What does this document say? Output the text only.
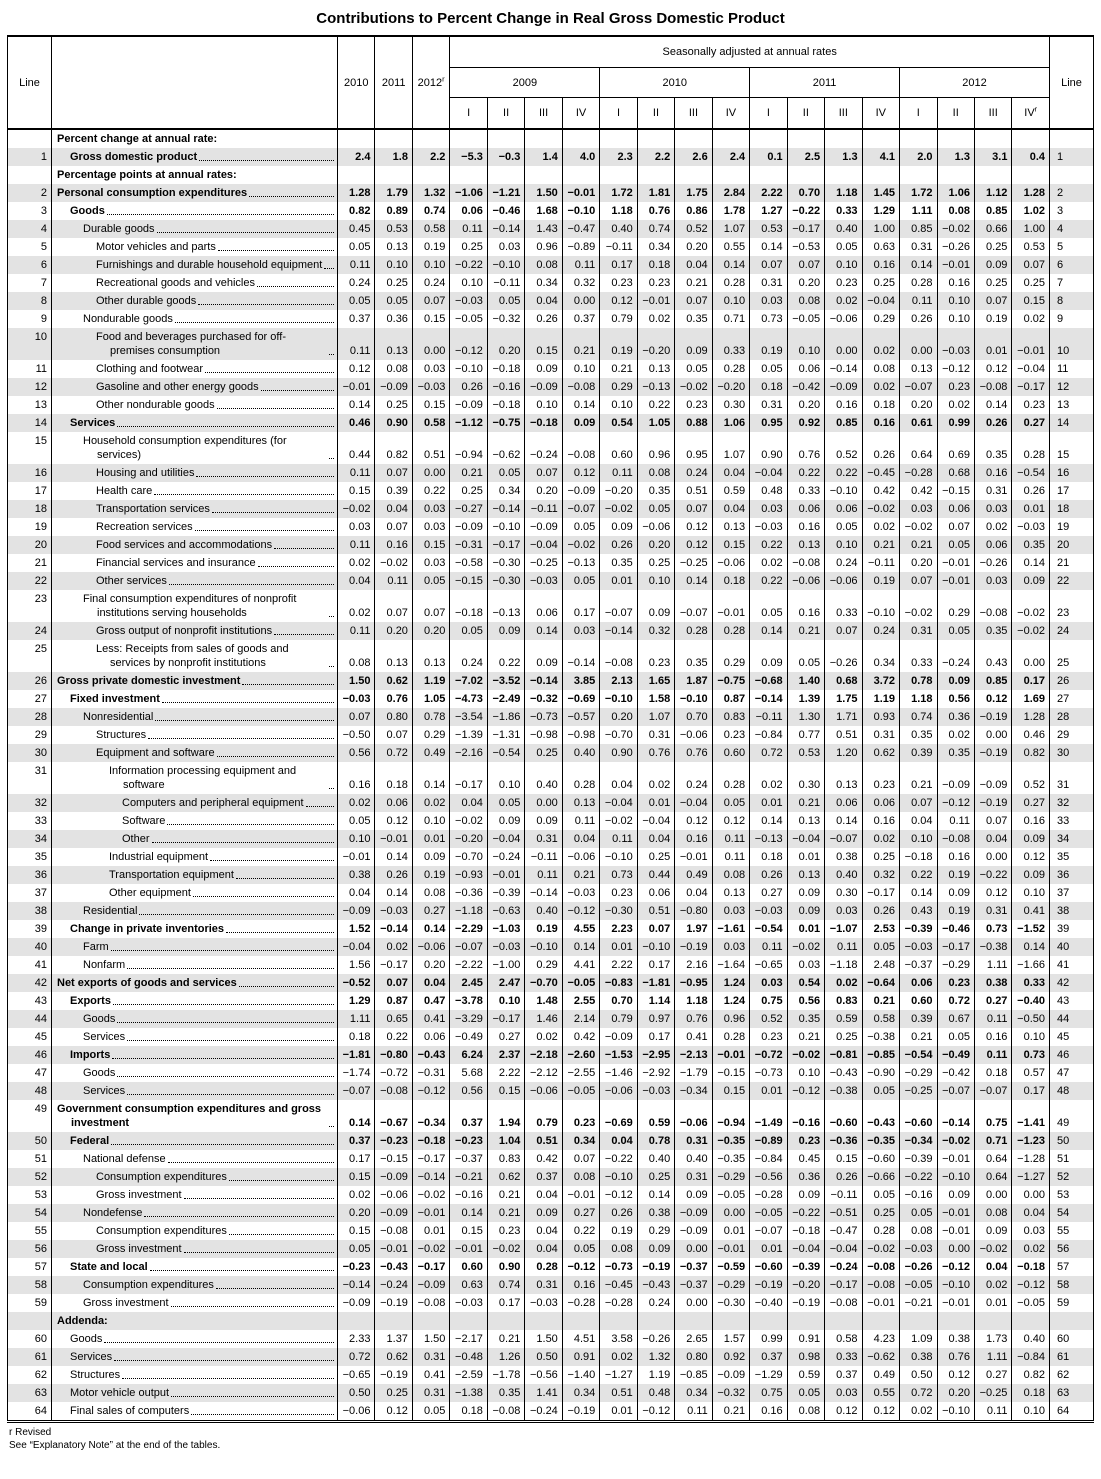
Contributions to Percent Change in Real Gross Domestic Product
Line		2010	2011	2012$^r$	Seasonally adjusted at annual rates																Line
					2009				2010				2011				2012				
					I	II	III	IV	I	II	III	IV	I	II	III	IV	I	II	III	$IV^r$

	Percent change at annual rate:																				

1	Gross domestic product	2.4	1.8	2.2	−5.3	−0.3	1.4	4.0	2.3	2.2	2.6	2.4	0.1	2.5	1.3	4.1	2.0	1.3	3.1	0.4	1

	Percentage points at annual rates:																				

2	Personal consumption expenditures	1.28	1.79	1.32	−1.06	−1.21	1.50	−0.01	1.72	1.81	1.75	2.84	2.22	0.70	1.18	1.45	1.72	1.06	1.12	1.28	2
3	Goods	0.82	0.89	0.74	0.06	−0.46	1.68	−0.10	1.18	0.76	0.86	1.78	1.27	−0.22	0.33	1.29	1.11	0.08	0.85	1.02	3
4	Durable goods	0.45	0.53	0.58	0.11	−0.14	1.43	−0.47	0.40	0.74	0.52	1.07	0.53	−0.17	0.40	1.00	0.85	−0.02	0.66	1.00	4
5	Motor vehicles and parts	0.05	0.13	0.19	0.25	0.03	0.96	−0.89	−0.11	0.34	0.20	0.55	0.14	−0.53	0.05	0.63	0.31	−0.26	0.25	0.53	5
6	Furnishings and durable household equipment	0.11	0.10	0.10	−0.22	−0.10	0.08	0.11	0.17	0.18	0.04	0.14	0.07	0.07	0.10	0.16	0.14	−0.01	0.09	0.07	6
7	Recreational goods and vehicles	0.24	0.25	0.24	0.10	−0.11	0.34	0.32	0.23	0.23	0.21	0.28	0.31	0.20	0.23	0.25	0.28	0.16	0.25	0.25	7
8	Other durable goods	0.05	0.05	0.07	−0.03	0.05	0.04	0.00	0.12	−0.01	0.07	0.10	0.03	0.08	0.02	−0.04	0.11	0.10	0.07	0.15	8
9	Nondurable goods	0.37	0.36	0.15	−0.05	−0.32	0.26	0.37	0.79	0.02	0.35	0.71	0.73	−0.05	−0.06	0.29	0.26	0.10	0.19	0.02	9
10	Food and beverages purchased for off-premises consumption	0.11	0.13	0.00	−0.12	0.20	0.15	0.21	0.19	−0.20	0.09	0.33	0.19	0.10	0.00	0.02	0.00	−0.03	0.01	−0.01	10
11	Clothing and footwear	0.12	0.08	0.03	−0.10	−0.18	0.09	0.10	0.21	0.13	0.05	0.28	0.05	0.06	−0.14	0.08	0.13	−0.12	0.12	−0.04	11
12	Gasoline and other energy goods	−0.01	−0.09	−0.03	0.26	−0.16	−0.09	−0.08	0.29	−0.13	−0.02	−0.20	0.18	−0.42	−0.09	0.02	−0.07	0.23	−0.08	−0.17	12
13	Other nondurable goods	0.14	0.25	0.15	−0.09	−0.18	0.10	0.14	0.10	0.22	0.23	0.30	0.31	0.20	0.16	0.18	0.20	0.02	0.14	0.23	13
14	Services	0.46	0.90	0.58	−1.12	−0.75	−0.18	0.09	0.54	1.05	0.88	1.06	0.95	0.92	0.85	0.16	0.61	0.99	0.26	0.27	14
15	Household consumption expenditures (for services)	0.44	0.82	0.51	−0.94	−0.62	−0.24	−0.08	0.60	0.96	0.95	1.07	0.90	0.76	0.52	0.26	0.64	0.69	0.35	0.28	15
16	Housing and utilities	0.11	0.07	0.00	0.21	0.05	0.07	0.12	0.11	0.08	0.24	0.04	−0.04	0.22	0.22	−0.45	−0.28	0.68	0.16	−0.54	16
17	Health care	0.15	0.39	0.22	0.25	0.34	0.20	−0.09	−0.20	0.35	0.51	0.59	0.48	0.33	−0.10	0.42	0.42	−0.15	0.31	0.26	17
18	Transportation services	−0.02	0.04	0.03	−0.27	−0.14	−0.11	−0.07	−0.02	0.05	0.07	0.04	0.03	0.06	0.06	−0.02	0.03	0.06	0.03	0.01	18
19	Recreation services	0.03	0.07	0.03	−0.09	−0.10	−0.09	0.05	0.09	−0.06	0.12	0.13	−0.03	0.16	0.05	0.02	−0.02	0.07	0.02	−0.03	19
20	Food services and accommodations	0.11	0.16	0.15	−0.31	−0.17	−0.04	−0.02	0.26	0.20	0.12	0.15	0.22	0.13	0.10	0.21	0.21	0.05	0.06	0.35	20
21	Financial services and insurance	0.02	−0.02	0.03	−0.58	−0.30	−0.25	−0.13	0.35	0.25	−0.25	−0.06	0.02	−0.08	0.24	−0.11	0.20	−0.01	−0.26	0.14	21
22	Other services	0.04	0.11	0.05	−0.15	−0.30	−0.03	0.05	0.01	0.10	0.14	0.18	0.22	−0.06	−0.06	0.19	0.07	−0.01	0.03	0.09	22
23	Final consumption expenditures of nonprofit institutions serving households	0.02	0.07	0.07	−0.18	−0.13	0.06	0.17	−0.07	0.09	−0.07	−0.01	0.05	0.16	0.33	−0.10	−0.02	0.29	−0.08	−0.02	23
24	Gross output of nonprofit institutions	0.11	0.20	0.20	0.05	0.09	0.14	0.03	−0.14	0.32	0.28	0.28	0.14	0.21	0.07	0.24	0.31	0.05	0.35	−0.02	24
25	Less: Receipts from sales of goods and services by nonprofit institutions	0.08	0.13	0.13	0.24	0.22	0.09	−0.14	−0.08	0.23	0.35	0.29	0.09	0.05	−0.26	0.34	0.33	−0.24	0.43	0.00	25
26	Gross private domestic investment	1.50	0.62	1.19	−7.02	−3.52	−0.14	3.85	2.13	1.65	1.87	−0.75	−0.68	1.40	0.68	3.72	0.78	0.09	0.85	0.17	26
27	Fixed investment	−0.03	0.76	1.05	−4.73	−2.49	−0.32	−0.69	−0.10	1.58	−0.10	0.87	−0.14	1.39	1.75	1.19	1.18	0.56	0.12	1.69	27
28	Nonresidential	0.07	0.80	0.78	−3.54	−1.86	−0.73	−0.57	0.20	1.07	0.70	0.83	−0.11	1.30	1.71	0.93	0.74	0.36	−0.19	1.28	28
29	Structures	−0.50	0.07	0.29	−1.39	−1.31	−0.98	−0.98	−0.70	0.31	−0.06	0.23	−0.84	0.77	0.51	0.31	0.35	0.02	0.00	0.46	29
30	Equipment and software	0.56	0.72	0.49	−2.16	−0.54	0.25	0.40	0.90	0.76	0.76	0.60	0.72	0.53	1.20	0.62	0.39	0.35	−0.19	0.82	30
31	Information processing equipment and software	0.16	0.18	0.14	−0.17	0.10	0.40	0.28	0.04	0.02	0.24	0.28	0.02	0.30	0.13	0.23	0.21	−0.09	−0.09	0.52	31
32	Computers and peripheral equipment	0.02	0.06	0.02	0.04	0.05	0.00	0.13	−0.04	0.01	−0.04	0.05	0.01	0.21	0.06	0.06	0.07	−0.12	−0.19	0.27	32
33	Software	0.05	0.12	0.10	−0.02	0.09	0.09	0.11	−0.02	−0.04	0.12	0.12	0.14	0.13	0.14	0.16	0.04	0.11	0.07	0.16	33
34	Other	0.10	−0.01	0.01	−0.20	−0.04	0.31	0.04	0.11	0.04	0.16	0.11	−0.13	−0.04	−0.07	0.02	0.10	−0.08	0.04	0.09	34
35	Industrial equipment	−0.01	0.14	0.09	−0.70	−0.24	−0.11	−0.06	−0.10	0.25	−0.01	0.11	0.18	0.01	0.38	0.25	−0.18	0.16	0.00	0.12	35
36	Transportation equipment	0.38	0.26	0.19	−0.93	−0.01	0.11	0.21	0.73	0.44	0.49	0.08	0.26	0.13	0.40	0.32	0.22	0.19	−0.22	0.09	36
37	Other equipment	0.04	0.14	0.08	−0.36	−0.39	−0.14	−0.03	0.23	0.06	0.04	0.13	0.27	0.09	0.30	−0.17	0.14	0.09	0.12	0.10	37
38	Residential	−0.09	−0.03	0.27	−1.18	−0.63	0.40	−0.12	−0.30	0.51	−0.80	0.03	−0.03	0.09	0.03	0.26	0.43	0.19	0.31	0.41	38
39	Change in private inventories	1.52	−0.14	0.14	−2.29	−1.03	0.19	4.55	2.23	0.07	1.97	−1.61	−0.54	0.01	−1.07	2.53	−0.39	−0.46	0.73	−1.52	39
40	Farm	−0.04	0.02	−0.06	−0.07	−0.03	−0.10	0.14	0.01	−0.10	−0.19	0.03	0.11	−0.02	0.11	0.05	−0.03	−0.17	−0.38	0.14	40
41	Nonfarm	1.56	−0.17	0.20	−2.22	−1.00	0.29	4.41	2.22	0.17	2.16	−1.64	−0.65	0.03	−1.18	2.48	−0.37	−0.29	1.11	−1.66	41
42	Net exports of goods and services	−0.52	0.07	0.04	2.45	2.47	−0.70	−0.05	−0.83	−1.81	−0.95	1.24	0.03	0.54	0.02	−0.64	0.06	0.23	0.38	0.33	42
43	Exports	1.29	0.87	0.47	−3.78	0.10	1.48	2.55	0.70	1.14	1.18	1.24	0.75	0.56	0.83	0.21	0.60	0.72	0.27	−0.40	43
44	Goods	1.11	0.65	0.41	−3.29	−0.17	1.46	2.14	0.79	0.97	0.76	0.96	0.52	0.35	0.59	0.58	0.39	0.67	0.11	−0.50	44
45	Services	0.18	0.22	0.06	−0.49	0.27	0.02	0.42	−0.09	0.17	0.41	0.28	0.23	0.21	0.25	−0.38	0.21	0.05	0.16	0.10	45
46	Imports	−1.81	−0.80	−0.43	6.24	2.37	−2.18	−2.60	−1.53	−2.95	−2.13	−0.01	−0.72	−0.02	−0.81	−0.85	−0.54	−0.49	0.11	0.73	46
47	Goods	−1.74	−0.72	−0.31	5.68	2.22	−2.12	−2.55	−1.46	−2.92	−1.79	−0.15	−0.73	0.10	−0.43	−0.90	−0.29	−0.42	0.18	0.57	47
48	Services	−0.07	−0.08	−0.12	0.56	0.15	−0.06	−0.05	−0.06	−0.03	−0.34	0.15	0.01	−0.12	−0.38	0.05	−0.25	−0.07	−0.07	0.17	48
49	Government consumption expenditures and gross investment	0.14	−0.67	−0.34	0.37	1.94	0.79	0.23	−0.69	0.59	−0.06	−0.94	−1.49	−0.16	−0.60	−0.43	−0.60	−0.14	0.75	−1.41	49
50	Federal	0.37	−0.23	−0.18	−0.23	1.04	0.51	0.34	0.04	0.78	0.31	−0.35	−0.89	0.23	−0.36	−0.35	−0.34	−0.02	0.71	−1.23	50
51	National defense	0.17	−0.15	−0.17	−0.37	0.83	0.42	0.07	−0.22	0.40	0.40	−0.35	−0.84	0.45	0.15	−0.60	−0.39	−0.01	0.64	−1.28	51
52	Consumption expenditures	0.15	−0.09	−0.14	−0.21	0.62	0.37	0.08	−0.10	0.25	0.31	−0.29	−0.56	0.36	0.26	−0.66	−0.22	−0.10	0.64	−1.27	52
53	Gross investment	0.02	−0.06	−0.02	−0.16	0.21	0.04	−0.01	−0.12	0.14	0.09	−0.05	−0.28	0.09	−0.11	0.05	−0.16	0.09	0.00	0.00	53
54	Nondefense	0.20	−0.09	−0.01	0.14	0.21	0.09	0.27	0.26	0.38	−0.09	0.00	−0.05	−0.22	−0.51	0.25	0.05	−0.01	0.08	0.04	54
55	Consumption expenditures	0.15	−0.08	0.01	0.15	0.23	0.04	0.22	0.19	0.29	−0.09	0.01	−0.07	−0.18	−0.47	0.28	0.08	−0.01	0.09	0.03	55
56	Gross investment	0.05	−0.01	−0.02	−0.01	−0.02	0.04	0.05	0.08	0.09	0.00	−0.01	0.01	−0.04	−0.04	−0.02	−0.03	0.00	−0.02	0.02	56
57	State and local	−0.23	−0.43	−0.17	0.60	0.90	0.28	−0.12	−0.73	−0.19	−0.37	−0.59	−0.60	−0.39	−0.24	−0.08	−0.26	−0.12	0.04	−0.18	57
58	Consumption expenditures	−0.14	−0.24	−0.09	0.63	0.74	0.31	0.16	−0.45	−0.43	−0.37	−0.29	−0.19	−0.20	−0.17	−0.08	−0.05	−0.10	0.02	−0.12	58
59	Gross investment	−0.09	−0.19	−0.08	−0.03	0.17	−0.03	−0.28	−0.28	0.24	0.00	−0.30	−0.40	−0.19	−0.08	−0.01	−0.21	−0.01	0.01	−0.05	59

	Addenda:																				

60	Goods	2.33	1.37	1.50	−2.17	0.21	1.50	4.51	3.58	−0.26	2.65	1.57	0.99	0.91	0.58	4.23	1.09	0.38	1.73	0.40	60
61	Services	0.72	0.62	0.31	−0.48	1.26	0.50	0.91	0.02	1.32	0.80	0.92	0.37	0.98	0.33	−0.62	0.38	0.76	1.11	−0.84	61
62	Structures	−0.65	−0.19	0.41	−2.59	−1.78	−0.56	−1.40	−1.27	1.19	−0.85	−0.09	−1.29	0.59	0.37	0.49	0.50	0.12	0.27	0.82	62
63	Motor vehicle output	0.50	0.25	0.31	−1.38	0.35	1.41	0.34	0.51	0.48	0.34	−0.32	0.75	0.05	0.03	0.55	0.72	0.20	−0.25	0.18	63
64	Final sales of computers	−0.06	0.12	0.05	0.18	−0.08	−0.24	−0.19	0.01	−0.12	0.11	0.21	0.16	0.08	0.12	0.12	0.02	−0.10	0.11	0.10	64
r Revised
See “Explanatory Note” at the end of the tables.
